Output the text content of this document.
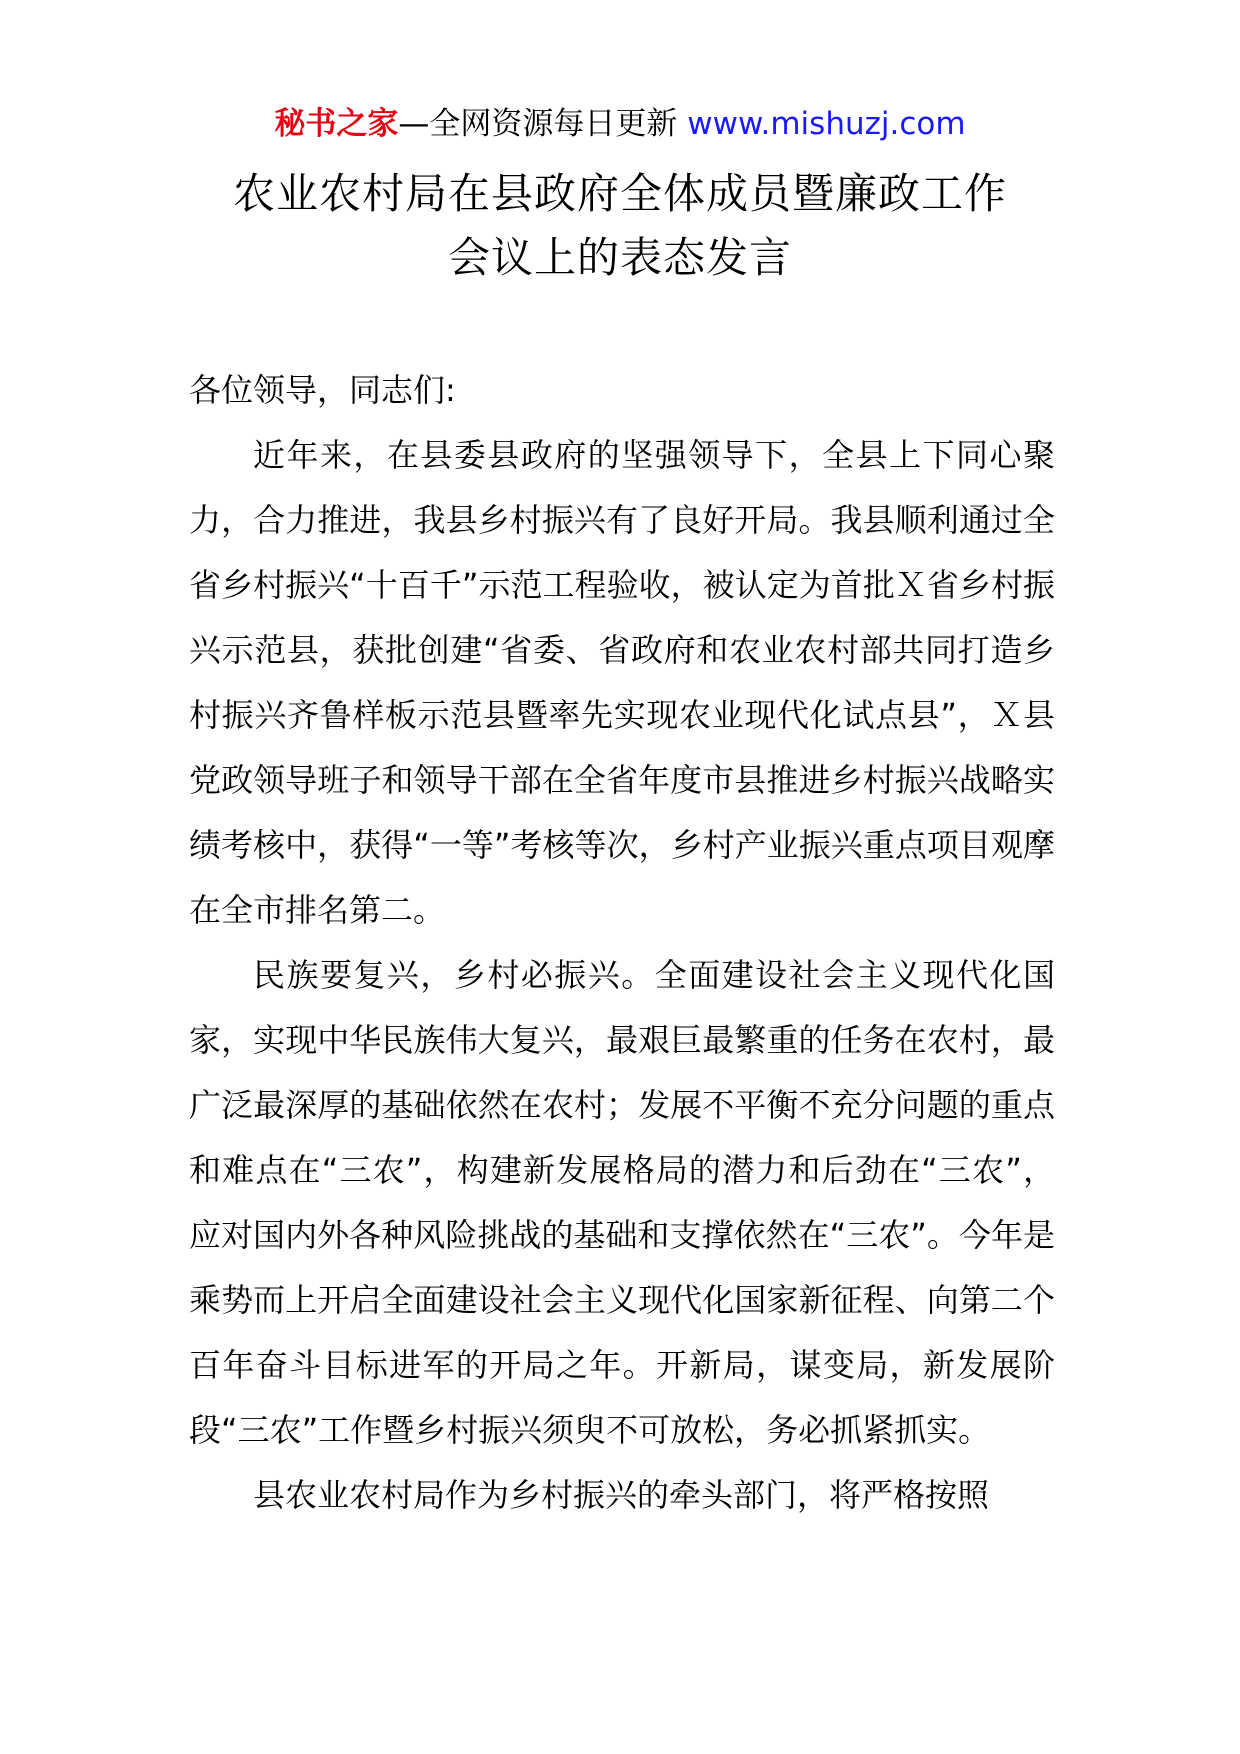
秘书之家—全网资源每日更新 www.mishuzj.com
农业农村局在县政府全体成员暨廉政工作
会议上的表态发言

各位领导，同志们:

近年来，在县委县政府的坚强领导下，全县上下同心聚力，合力推进，我县乡村振兴有了良好开局。我县顺利通过全省乡村振兴“十百千”示范工程验收，被认定为首批Ｘ省乡村振兴示范县，获批创建“省委、省政府和农业农村部共同打造乡村振兴齐鲁样板示范县暨率先实现农业现代化试点县”，Ｘ县党政领导班子和领导干部在全省年度市县推进乡村振兴战略实绩考核中，获得“一等”考核等次，乡村产业振兴重点项目观摩在全市排名第二。

民族要复兴，乡村必振兴。全面建设社会主义现代化国家，实现中华民族伟大复兴，最艰巨最繁重的任务在农村，最广泛最深厚的基础依然在农村；发展不平衡不充分问题的重点和难点在“三农”，构建新发展格局的潜力和后劲在“三农”，应对国内外各种风险挑战的基础和支撑依然在“三农”。今年是乘势而上开启全面建设社会主义现代化国家新征程、向第二个百年奋斗目标进军的开局之年。开新局，谋变局，新发展阶段“三农”工作暨乡村振兴须臾不可放松，务必抓紧抓实。

县农业农村局作为乡村振兴的牵头部门，将严格按照
